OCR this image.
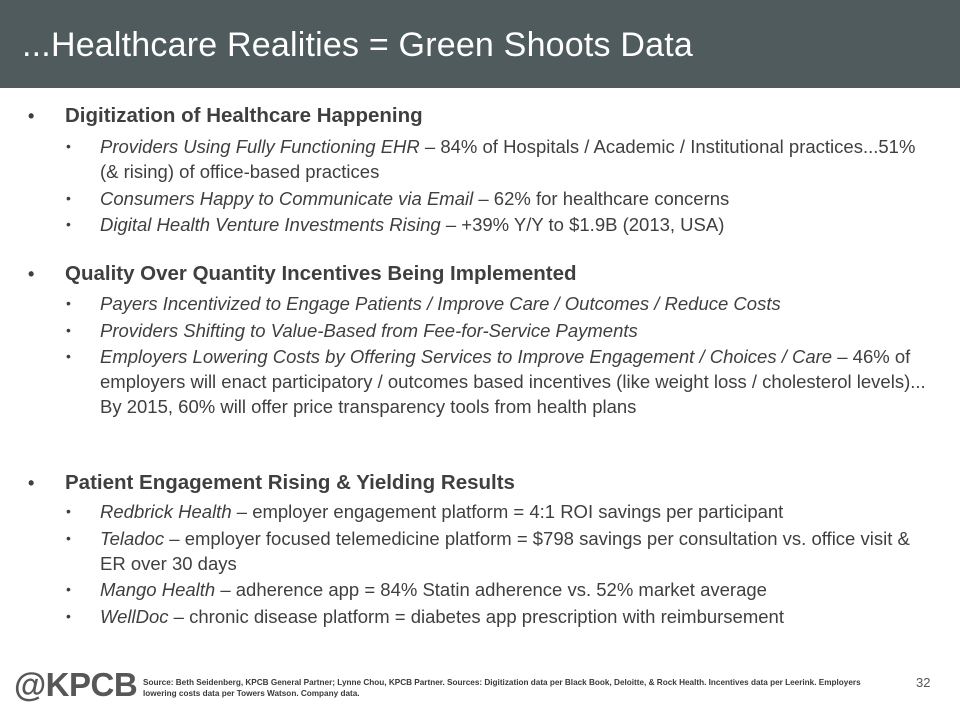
...Healthcare Realities = Green Shoots Data
• Digitization of Healthcare Happening
• Providers Using Fully Functioning EHR – 84% of Hospitals / Academic / Institutional practices...51% (& rising) of office-based practices
• Consumers Happy to Communicate via Email – 62% for healthcare concerns
• Digital Health Venture Investments Rising – +39% Y/Y to $1.9B (2013, USA)
• Quality Over Quantity Incentives Being Implemented
• Payers Incentivized to Engage Patients / Improve Care / Outcomes / Reduce Costs
• Providers Shifting to Value-Based from Fee-for-Service Payments
• Employers Lowering Costs by Offering Services to Improve Engagement / Choices / Care – 46% of employers will enact participatory / outcomes based incentives (like weight loss / cholesterol levels)... By 2015, 60% will offer price transparency tools from health plans
• Patient Engagement Rising & Yielding Results
• Redbrick Health – employer engagement platform = 4:1 ROI savings per participant
• Teladoc – employer focused telemedicine platform = $798 savings per consultation vs. office visit & ER over 30 days
• Mango Health – adherence app = 84% Statin adherence vs. 52% market average
• WellDoc – chronic disease platform = diabetes app prescription with reimbursement
@KPCB Source: Beth Seidenberg, KPCB General Partner; Lynne Chou, KPCB Partner. Sources: Digitization data per Black Book, Deloitte, & Rock Health. Incentives data per Leerink. Employers lowering costs data per Towers Watson. Company data.
32
